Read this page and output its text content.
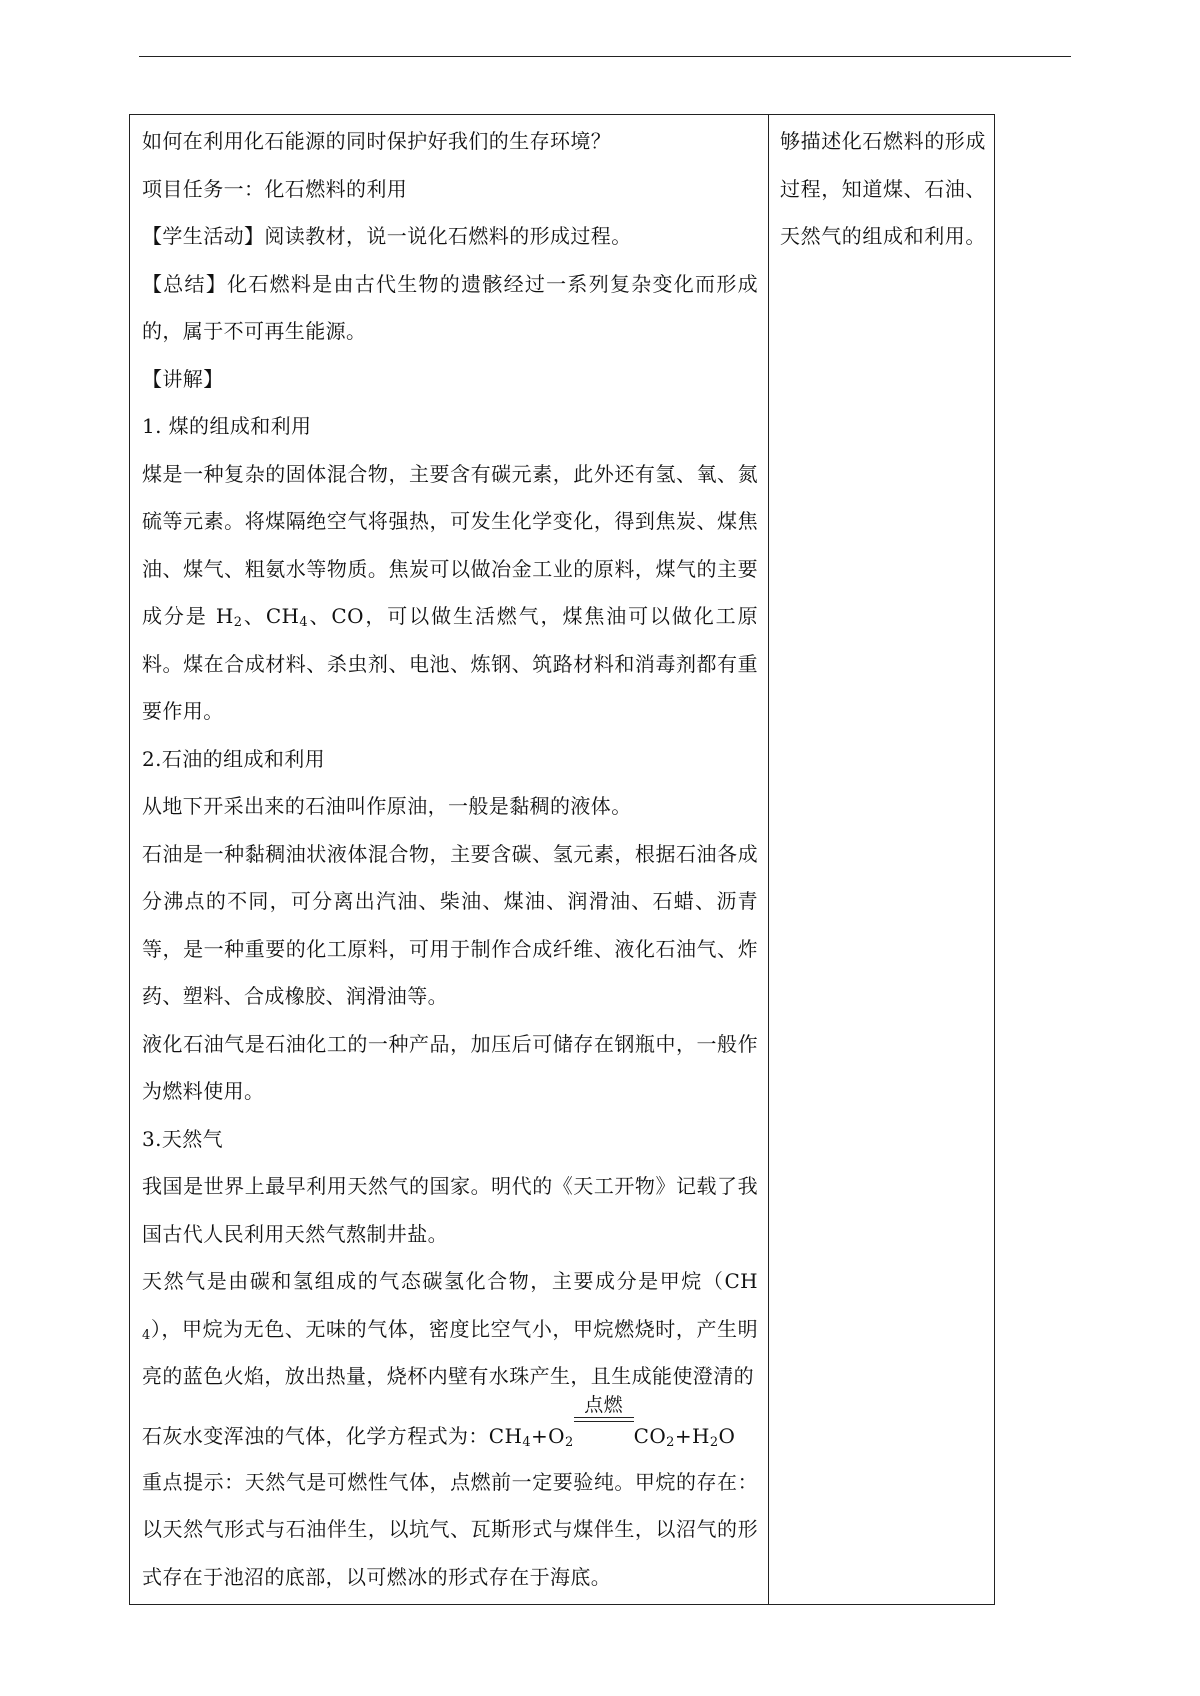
如何在利用化石能源的同时保护好我们的生存环境？
项目任务一：化石燃料的利用
【学生活动】阅读教材，说一说化石燃料的形成过程。
【总结】化石燃料是由古代生物的遗骸经过一系列复杂变化而形成的，属于不可再生能源。
【讲解】
1. 煤的组成和利用
煤是一种复杂的固体混合物，主要含有碳元素，此外还有氢、氧、氮硫等元素。将煤隔绝空气将强热，可发生化学变化，得到焦炭、煤焦油、煤气、粗氨水等物质。焦炭可以做冶金工业的原料，煤气的主要成分是 $H_2$、$CH_4$、CO，可以做生活燃气，煤焦油可以做化工原料。煤在合成材料、杀虫剂、电池、炼钢、筑路材料和消毒剂都有重要作用。
2.石油的组成和利用
从地下开采出来的石油叫作原油，一般是黏稠的液体。
石油是一种黏稠油状液体混合物，主要含碳、氢元素，根据石油各成分沸点的不同，可分离出汽油、柴油、煤油、润滑油、石蜡、沥青等，是一种重要的化工原料，可用于制作合成纤维、液化石油气、炸药、塑料、合成橡胶、润滑油等。
液化石油气是石油化工的一种产品，加压后可储存在钢瓶中，一般作为燃料使用。
3.天然气
我国是世界上最早利用天然气的国家。明代的《天工开物》记载了我国古代人民利用天然气熬制井盐。
天然气是由碳和氢组成的气态碳氢化合物，主要成分是甲烷$(CH_4)$，甲烷为无色、无味的气体，密度比空气小，甲烷燃烧时，产生明亮的蓝色火焰，放出热量，烧杯内壁有水珠产生，且生成能使澄清的
石灰水变浑浊的气体，化学方程式为：$CH_4+O_2$
点燃
$CO_2+H_2O$
重点提示：天然气是可燃性气体，点燃前一定要验纯。甲烷的存在：以天然气形式与石油伴生，以坑气、瓦斯形式与煤伴生，以沼气的形式存在于池沼的底部，以可燃冰的形式存在于海底。
够描述化石燃料的形成过程，知道煤、石油、天然气的组成和利用。
